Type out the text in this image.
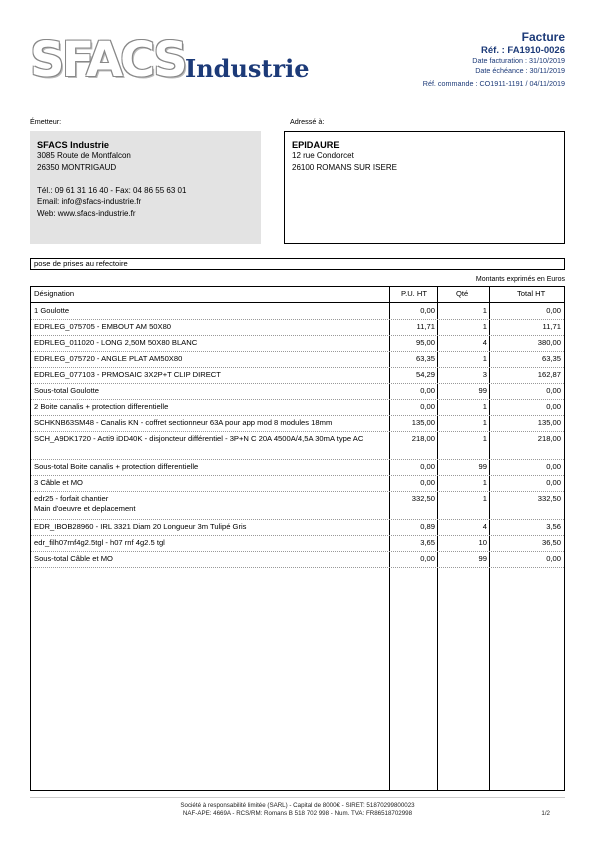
SFACS Industrie
Facture
Réf. : FA1910-0026
Date facturation : 31/10/2019
Date échéance : 30/11/2019
Réf. commande : CO1911-1191 / 04/11/2019
Émetteur:	Adressé à:
SFACS Industrie
3085 Route de Montfalcon
26350 MONTRIGAUD
Tél.: 09 61 31 16 40 - Fax: 04 86 55 63 01
Email: info@sfacs-industrie.fr
Web: www.sfacs-industrie.fr
EPIDAURE
12 rue Condorcet
26100 ROMANS SUR ISERE
pose de prises au refectoire
Montants exprimés en Euros
Désignation	P.U. HT	Qté	Total HT
1 Goulotte	0,00	1	0,00
EDRLEG_075705 - EMBOUT AM 50X80	11,71	1	11,71
EDRLEG_011020 - LONG 2,50M 50X80 BLANC	95,00	4	380,00
EDRLEG_075720 - ANGLE PLAT AM50X80	63,35	1	63,35
EDRLEG_077103 - PRMOSAIC 3X2P+T CLIP DIRECT	54,29	3	162,87
Sous-total Goulotte	0,00	99	0,00
2 Boite canalis + protection differentielle	0,00	1	0,00
SCHKNB63SM48 - Canalis KN - coffret sectionneur 63A pour app mod 8 modules 18mm	135,00	1	135,00
SCH_A9DK1720 - Acti9 iDD40K - disjoncteur différentiel - 3P+N C 20A 4500A/4,5A 30mA type AC	218,00	1	218,00
Sous-total Boite canalis + protection differentielle	0,00	99	0,00
3 Câble et MO	0,00	1	0,00
edr25 - forfait chantier
Main d'oeuvre et deplacement
332,50	1	332,50
EDR_IBOB28960 - IRL 3321 Diam 20 Longueur 3m Tulipé Gris	0,89	4	3,56
edr_filh07rnf4g2.5tgl - h07 rnf 4g2.5 tgl	3,65	10	36,50
Sous-total Câble et MO	0,00	99	0,00
Société à responsabilité limitée (SARL) - Capital de 8000€ - SIRET: 51870299800023
NAF-APE: 4669A - RCS/RM: Romans B 518 702 998 - Num. TVA: FR86518702998	1/2
